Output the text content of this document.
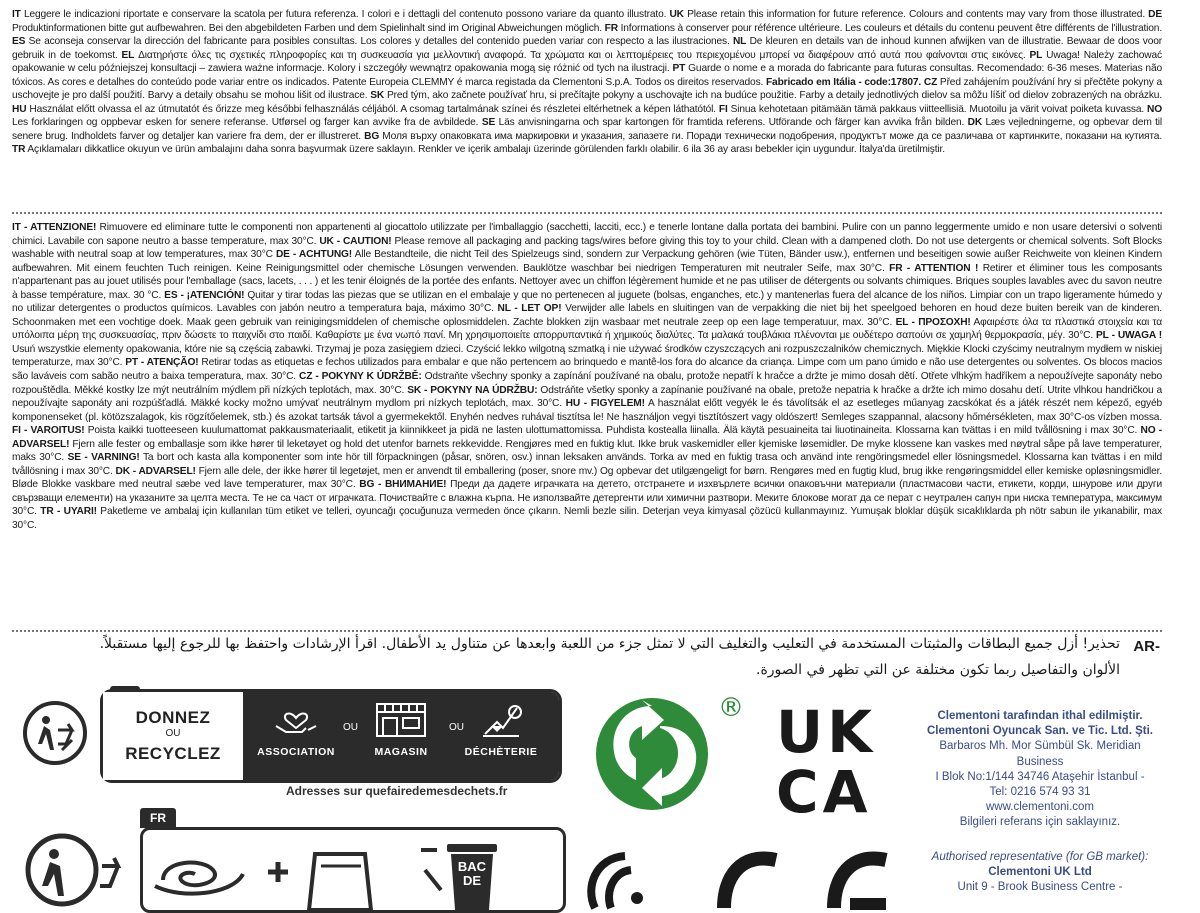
IT Leggere le indicazioni riportate e conservare la scatola per futura referenza. I colori e i dettagli del contenuto possono variare da quanto illustrato. UK Please retain this information for future reference. Colours and contents may vary from those illustrated. DE Produktinformationen bitte gut aufbewahren. Bei den abgebildeten Farben und dem Spielinhalt sind im Original Abweichungen möglich. FR Informations à conserver pour référence ultérieure. Les couleurs et détails du contenu peuvent être différents de l'illustration. ES Se aconseja conservar la dirección del fabricante para posibles consultas. Los colores y detalles del contenido pueden variar con respecto a las ilustraciones. NL De kleuren en details van de inhoud kunnen afwijken van de illustratie. Bewaar de doos voor gebruik in de toekomst. EL Διατηρήστε όλες τις σχετικές πληροφορίες και τη συσκευασία για μελλοντική αναφορά. Τα χρώματα και οι λεπτομέρειες του περιεχομένου μπορεί να διαφέρουν από αυτά που φαίνονται στις εικόνες. PL Uwaga! Należy zachować opakowanie w celu późniejszej konsultacji – zawiera ważne informacje. Kolory i szczegóły wewnątrz opakowania mogą się różnić od tych na ilustracji. PT Guarde o nome e a morada do fabricante para futuras consultas. Recomendado: 6-36 meses. Materias não tóxicos. As cores e detalhes do conteúdo pode variar entre os indicados. Patente Europeia CLEMMY é marca registada da Clementoni S.p.A. Todos os direitos reservados. Fabricado em Itália - code:17807. CZ Před zahájením používání hry si přečtěte pokyny a uschovejte je pro další použití. Barvy a detaily obsahu se mohou lišit od ilustrace. SK Pred tým, ako začnete používať hru, si prečítajte pokyny a uschovajte ich na budúce použitie. Farby a detaily jednotlivých dielov sa môžu líšiť od dielov zobrazených na obrázku. HU Használat előtt olvassa el az útmutatót és őrizze meg későbbi felhasználás céljából. A csomag tartalmának színei és részletei eltérhetnek a képen láthatótól. FI Sinua kehotetaan pitämään tämä pakkaus viitteellisiä. Muotoilu ja värit voivat poiketa kuvassa. NO Les forklaringen og oppbevar esken for senere referanse. Utførsel og farger kan avvike fra de avbildede. SE Läs anvisningarna och spar kartongen för framtida referens. Utförande och färger kan avvika från bilden. DK Læs vejledningerne, og opbevar dem til senere brug. Indholdets farver og detaljer kan variere fra dem, der er illustreret. BG Моля въpxy опаковката има маркировки и указания, запазете ги. Поради технически подобрения, продуктът може да се различава от картинките, показани на кутията. TR Açıklamaları dikkatlice okuyun ve ürün ambalajını daha sonra başvurmak üzere saklayın. Renkler ve içerik ambalajı üzerinde görülenden farklı olabilir. 6 ila 36 ay arası bebekler için uygundur. İtalya'da üretilmiştir.
IT - ATTENZIONE! Rimuovere ed eliminare tutte le componenti non appartenenti al giocattolo utilizzate per l'imballaggio (sacchetti, lacciti, ecc.) e tenerle lontane dalla portata dei bambini. Pulire con un panno leggermente umido e non usare detersivi o solventi chimici. Lavabile con sapone neutro a basse temperature, max 30°C. UK - CAUTION! Please remove all packaging and packing tags/wires before giving this toy to your child. Clean with a dampened cloth. Do not use detergents or chemical solvents. Soft Blocks washable with neutral soap at low temperatures, max 30°C DE - ACHTUNG! Alle Bestandteile, die nicht Teil des Spielzeugs sind, sondern zur Verpackung gehören (wie Tüten, Bänder usw.), entfernen und beseitigen sowie außer Reichweite von kleinen Kindern aufbewahren. Mit einem feuchten Tuch reinigen. Keine Reinigungsmittel oder chemische Lösungen verwenden. Bauklötze waschbar bei niedrigen Temperaturen mit neutraler Seife, max 30°C. FR - ATTENTION ! Retirer et éliminer tous les composants n'appartenant pas au jouet utilisés pour l'emballage (sacs, lacets, . . . ) et les tenir éloignés de la portée des enfants. Nettoyer avec un chiffon légèrement humide et ne pas utiliser de détergents ou solvants chimiques. Briques souples lavables avec du savon neutre à basse température, max. 30 °C. ES - ¡ATENCIÓN! Quitar y tirar todas las piezas que se utilizan en el embalaje y que no pertenecen al juguete (bolsas, enganches, etc.) y mantenerlas fuera del alcance de los niños. Limpiar con un trapo ligeramente húmedo y no utilizar detergentes o productos químicos. Lavables con jabón neutro a temperatura baja, máximo 30°C. NL - LET OP! Verwijder alle labels en sluitingen van de verpakking die niet bij het speelgoed behoren en houd deze buiten bereik van de kinderen. Schoonmaken met een vochtige doek. Maak geen gebruik van reinigingsmiddelen of chemische oplosmiddelen. Zachte blokken zijn wasbaar met neutrale zeep op een lage temperatuur, max. 30°C. EL - ΠΡΟΣΟΧΗ! Αφαιρέστε όλα τα πλαστικά στοιχεία και τα υπόλοιπα μέρη της συσκευασίας, πριν δώσετε το παιχνίδι στο παιδί. Καθαρίστε με ένα νωπό πανί. Μη χρησιμοποιείτε απορρυπαντικά ή χημικούς διαλύτες. Τα μαλακά τουβλάκια πλένονται με ουδέτερο σαπούνι σε χαμηλή θερμοκρασία, μέγ. 30°C. PL - UWAGA ! Usuń wszystkie elementy opakowania, które nie są częścią zabawki. Trzymaj je poza zasięgiem dzieci. Czyścić lekko wilgotną szmatką i nie używać środków czyszczących ani rozpuszczalników chemicznych. Miękkie Klocki czyścimy neutralnym mydłem w niskiej temperaturze, max 30°C. PT - ATENÇÃO! Retirar todas as etiquetas e fechos utilizados para embalar e que não pertencem ao brinquedo e mantê-los fora do alcance da criança. Limpe com um pano úmido e não use detergentes ou solventes. Os blocos macios são laváveis com sabão neutro a baixa temperatura, max. 30°C. CZ - POKYNY K ÚDRŽBĚ: Odstraňte všechny sponky a zapínání používané na obalu, protože nepatří k hračce a držte je mimo dosah dětí. Otřete vlhkým hadříkem a nepoužívejte saponáty nebo rozpouštědla. Měkké kostky lze mýt neutrálním mýdlem při nízkých teplotách, max. 30°C. SK - POKYNY NA ÚDRŽBU: Odstráňte všetky sponky a zapínanie používané na obale, pretože nepatria k hračke a držte ich mimo dosahu detí. Utrite vlhkou handričkou a nepoužívajte saponáty ani rozpúšťadlá. Mäkké kocky možno umývať neutrálnym mydlom pri nízkych teplotách, max. 30°C. HU - FIGYELEM! A használat előtt vegyék le és távolítsák el az esetleges műanyag zacskókat és a játék részét nem képező, egyéb komponenseket (pl. kötözszalagok, kis rögzítőelemek, stb.) és azokat tartsák távol a gyermekektől. Enyhén nedves ruhával tisztítsa le! Ne használjon vegyi tisztítószert vagy oldószert! Semleges szappannal, alacsony hőmérsékleten, max 30°C-os vízben mossa. FI - VAROITUS! Poista kaikki tuotteeseen kuulumattomat pakkausmateriaalit, etiketit ja kiinnikkeet ja pidä ne lasten ulottumattomissa. Puhdista kostealla liinalla. Älä käytä pesuaineita tai liuotinaineita. Klossarna kan tvättas i en mild tvållösning i max 30°C. NO - ADVARSEL! Fjern alle fester og emballasje som ikke hører til leketøyet og hold det utenfor barnets rekkevidde. Rengjøres med en fuktig klut. Ikke bruk vaskemidler eller kjemiske løsemidler. De myke klossene kan vaskes med nøytral såpe på lave temperaturer, maks 30°C. SE - VARNING! Ta bort och kasta alla komponenter som inte hör till förpackningen (påsar, snören, osv.) innan leksaken används. Torka av med en fuktig trasa och använd inte rengöringsmedel eller lösningsmedel. Klossarna kan tvättas i en mild tvållösning i max 30°C. DK - ADVARSEL! Fjern alle dele, der ikke hører til legetøjet, men er anvendt til emballering (poser, snore mv.) Og opbevar det utilgængeligt for børn. Rengøres med en fugtig klud, brug ikke rengøringsmiddel eller kemiske opløsningsmidler. Bløde Blokke vaskbare med neutral sæbe ved lave temperaturer, max 30°C. BG - ВНИМАНИЕ! Преди да дадете играчката на детето, отстранете и изхвърлете всички опаковъчни материали (пластмасови части, етикети, корди, шнурове или други свързващи елементи) на указаните за целта места. Те не са част от играчката. Почиствайте с влажна кърпа. Не използвайте детергенти или химични разтвори. Меките блокове могат да се перат с неутрален сапун при ниска температура, максимум 30°C. TR - UYARI! Paketleme ve ambalaj için kullanılan tüm etiket ve telleri, oyuncağı çocuğunuza vermeden önce çıkarın. Nemli bezle silin. Deterjan veya kimyasal çözücü kullanmayınız. Yumuşak bloklar düşük sıcaklıklarda ph nötr sabun ile yıkanabilir, max 30°C.
AR-
تحذير! أزل جميع البطاقات والمثبتات المستخدمة في التعليب والتغليف التي لا تمثل جزء من اللعبة وابعدها عن متناول يد الأطفال. اقرأ الإرشادات واحتفظ بها للرجوع إليها مستقبلاً.
الألوان والتفاصيل ربما تكون مختلفة عن التي تظهر في الصورة.
DONNEZ
OU
RECYCLEZ	ASSOCIATION
OU
MAGASIN
OU
DÉCHÈTERIE
Adresses sur quefairedemesdechets.fr
FR
BAC DE
® UK
CA
Clementoni tarafından ithal edilmiştir.
Clementoni Oyuncak San. ve Tic. Ltd. Şti.
Barbaros Mh. Mor Sümbül Sk. Meridian Business
I Blok No:1/144 34746 Ataşehir İstanbul -
Tel: 0216 574 93 31
www.clementoni.com
Bilgileri referans için saklayınız.
Authorised representative (for GB market):
Clementoni UK Ltd
Unit 9 - Brook Business Centre -
